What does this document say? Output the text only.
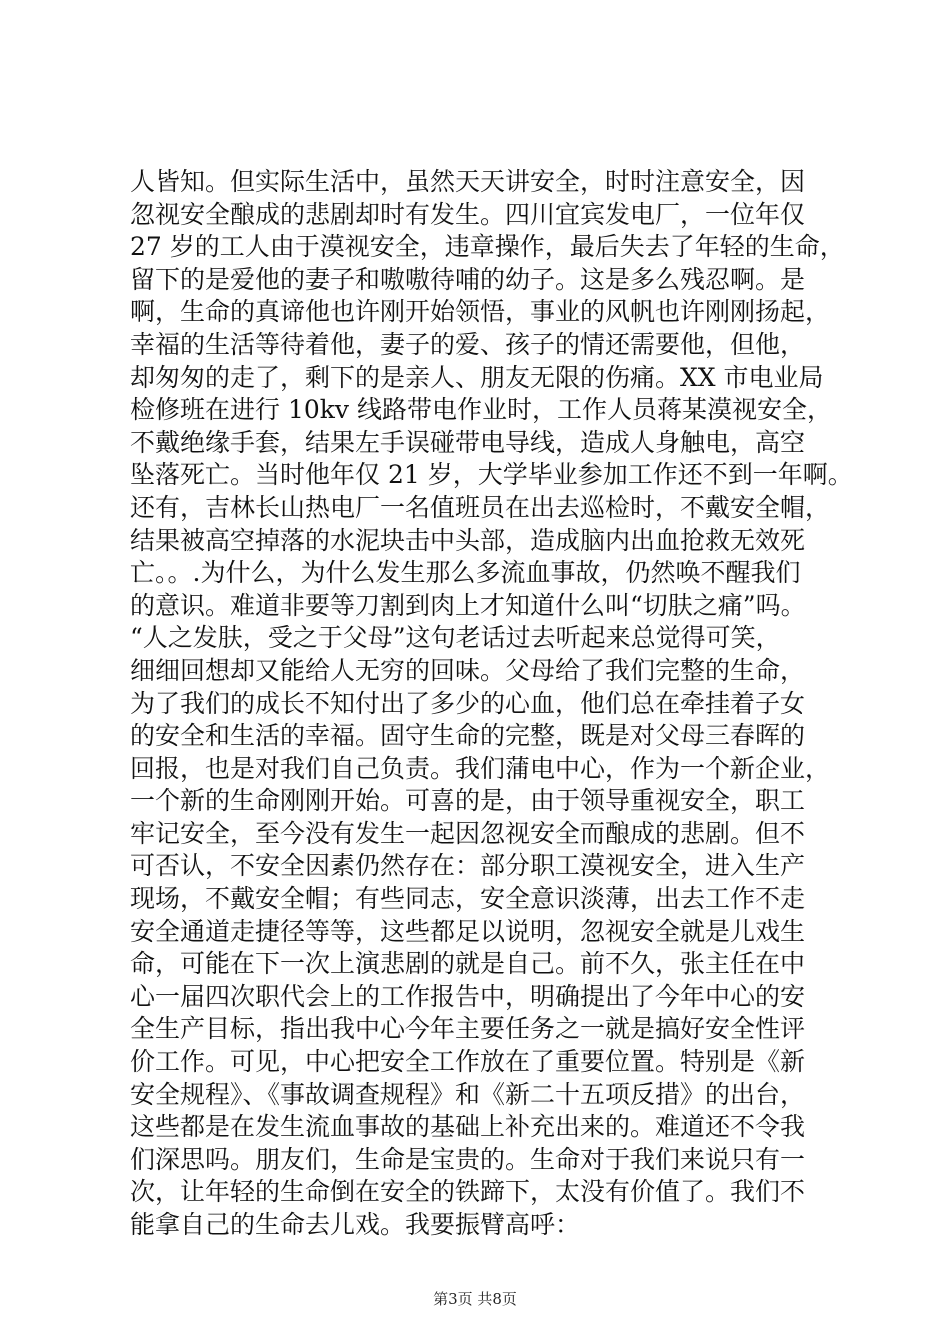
人皆知。但实际生活中，虽然天天讲安全，时时注意安全，因
忽视安全酿成的悲剧却时有发生。四川宜宾发电厂，一位年仅
27 岁的工人由于漠视安全，违章操作，最后失去了年轻的生命，
留下的是爱他的妻子和嗷嗷待哺的幼子。这是多么残忍啊。是
啊，生命的真谛他也许刚开始领悟，事业的风帆也许刚刚扬起，
幸福的生活等待着他，妻子的爱、孩子的情还需要他，但他，
却匆匆的走了，剩下的是亲人、朋友无限的伤痛。XX 市电业局
检修班在进行 10kv 线路带电作业时，工作人员蒋某漠视安全，
不戴绝缘手套，结果左手误碰带电导线，造成人身触电，高空
坠落死亡。当时他年仅 21 岁，大学毕业参加工作还不到一年啊。
还有，吉林长山热电厂一名值班员在出去巡检时，不戴安全帽，
结果被高空掉落的水泥块击中头部，造成脑内出血抢救无效死
亡。。.为什么，为什么发生那么多流血事故，仍然唤不醒我们
的意识。难道非要等刀割到肉上才知道什么叫“切肤之痛”吗。
“人之发肤，受之于父母”这句老话过去听起来总觉得可笑，
细细回想却又能给人无穷的回味。父母给了我们完整的生命，
为了我们的成长不知付出了多少的心血，他们总在牵挂着子女
的安全和生活的幸福。固守生命的完整，既是对父母三春晖的
回报，也是对我们自己负责。我们蒲电中心，作为一个新企业，
一个新的生命刚刚开始。可喜的是，由于领导重视安全，职工
牢记安全，至今没有发生一起因忽视安全而酿成的悲剧。但不
可否认，不安全因素仍然存在：部分职工漠视安全，进入生产
现场，不戴安全帽；有些同志，安全意识淡薄，出去工作不走
安全通道走捷径等等，这些都足以说明，忽视安全就是儿戏生
命，可能在下一次上演悲剧的就是自己。前不久，张主任在中
心一届四次职代会上的工作报告中，明确提出了今年中心的安
全生产目标，指出我中心今年主要任务之一就是搞好安全性评
价工作。可见，中心把安全工作放在了重要位置。特别是《新
安全规程》、《事故调查规程》和《新二十五项反措》的出台，
这些都是在发生流血事故的基础上补充出来的。难道还不令我
们深思吗。朋友们，生命是宝贵的。生命对于我们来说只有一
次，让年轻的生命倒在安全的铁蹄下，太没有价值了。我们不
能拿自己的生命去儿戏。我要振臂高呼：
第3页 共8页
